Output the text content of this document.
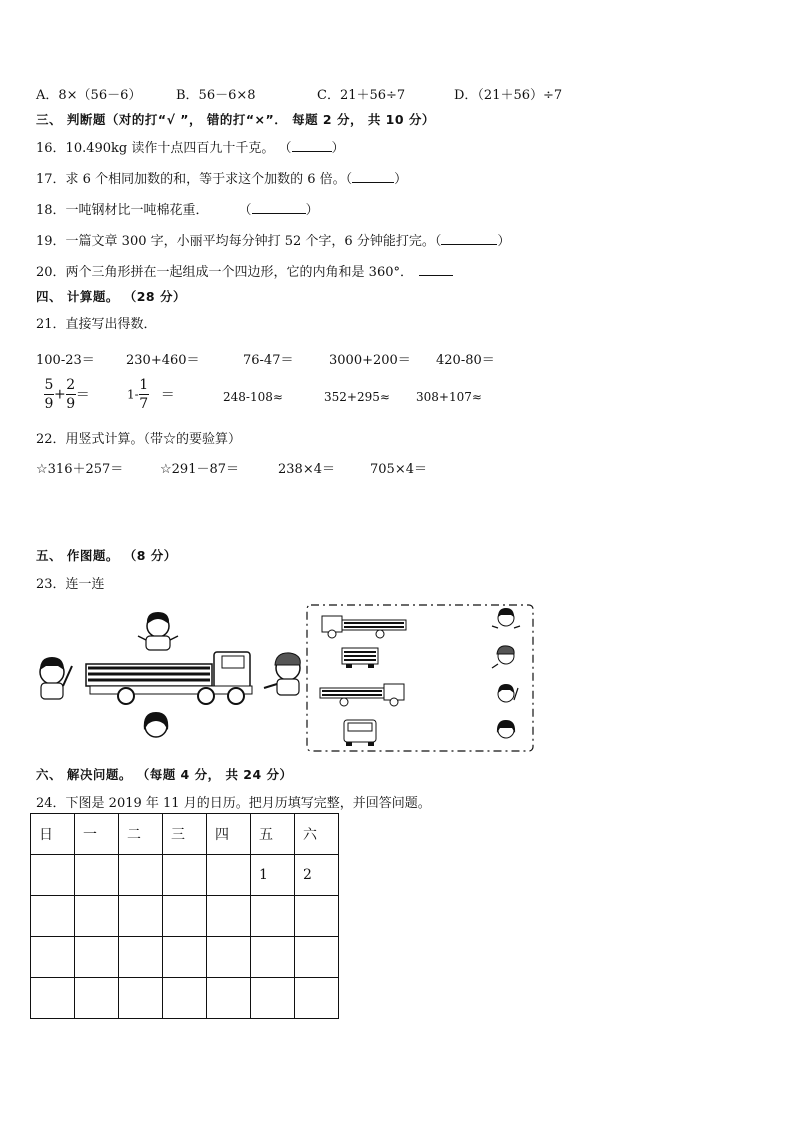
A．8×（56－6）	B．56－6×8	C．21＋56÷7	D．（21＋56）÷7
三、 判断题（对的打“√ ”， 错的打“×”． 每题 2 分， 共 10 分）
16．10.490kg 读作十点四百九十千克。 （	）
17．求 6 个相同加数的和，等于求这个加数的 6 倍。（	）
18．一吨钢材比一吨棉花重． （	）
19．一篇文章 300 字，小丽平均每分钟打 52 个字，6 分钟能打完。（	）
20．两个三角形拼在一起组成一个四边形，它的内角和是 360°．
四、 计算题。 （28 分）
21．直接写出得数．
100-23＝ 230+460＝	76-47＝	3000+200＝ 420-80＝
$\frac{5}{9} + \frac{2}{9}$ ＝	$1- \frac{1}{7}$ ＝	248-108≈	352+295≈ 308+107≈
22．用竖式计算。（带☆的要验算）
☆316＋257＝	☆291－87＝	238×4＝	705×4＝
五、 作图题。 （8 分）
23．连一连
六、 解决问题。 （每题 4 分， 共 24 分）
24．下图是 2019 年 11 月的日历。把月历填写完整，并回答问题。
日	一	二	三	四	五	六
					1	2
